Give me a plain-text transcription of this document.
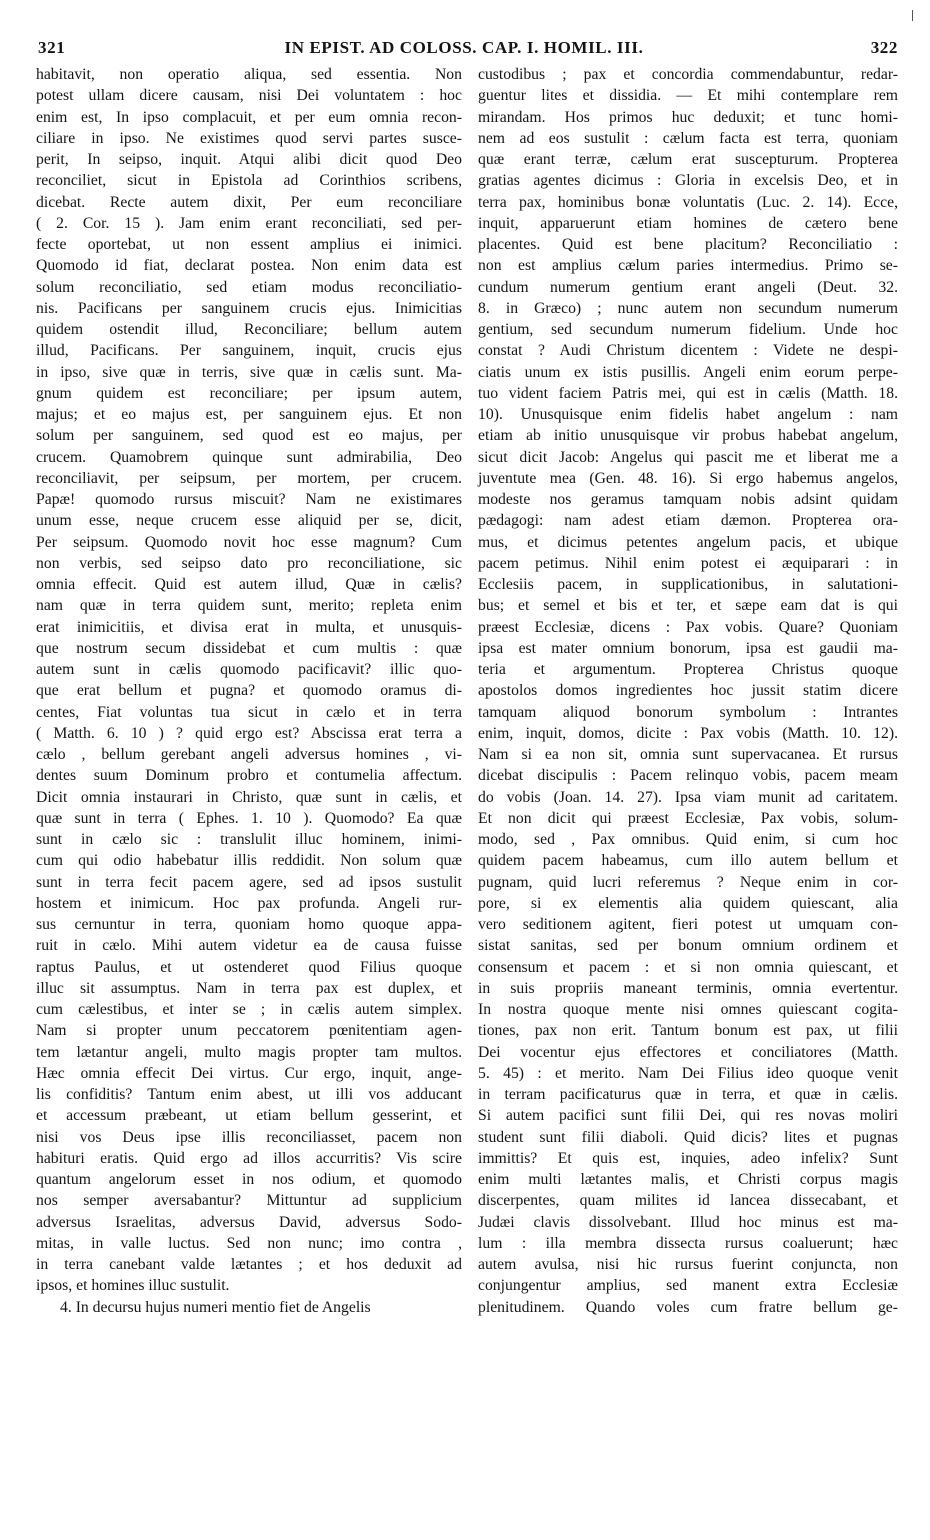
321	IN EPIST. AD COLOSS. CAP. I. HOMIL. III.	322
habitavit, non operatio aliqua, sed essentia. Non
potest ullam dicere causam, nisi Dei voluntatem : hoc
enim est, In ipso complacuit, et per eum omnia recon-
ciliare in ipso. Ne existimes quod servi partes susce-
perit, In seipso, inquit. Atqui alibi dicit quod Deo
reconciliet, sicut in Epistola ad Corinthios scribens,
dicebat. Recte autem dixit, Per eum reconciliare
( 2. Cor. 15 ). Jam enim erant reconciliati, sed per-
fecte oportebat, ut non essent amplius ei inimici.
Quomodo id fiat, declarat postea. Non enim data est
solum reconciliatio, sed etiam modus reconciliatio-
nis. Pacificans per sanguinem crucis ejus. Inimicitias
quidem ostendit illud, Reconciliare; bellum autem
illud, Pacificans. Per sanguinem, inquit, crucis ejus
in ipso, sive quæ in terris, sive quæ in cælis sunt. Ma-
gnum quidem est reconciliare; per ipsum autem,
majus; et eo majus est, per sanguinem ejus. Et non
solum per sanguinem, sed quod est eo majus, per
crucem. Quamobrem quinque sunt admirabilia, Deo
reconciliavit, per seipsum, per mortem, per crucem.
Papæ! quomodo rursus miscuit? Nam ne existimares
unum esse, neque crucem esse aliquid per se, dicit,
Per seipsum. Quomodo novit hoc esse magnum? Cum
non verbis, sed seipso dato pro reconciliatione, sic
omnia effecit. Quid est autem illud, Quæ in cælis?
nam quæ in terra quidem sunt, merito; repleta enim
erat inimicitiis, et divisa erat in multa, et unusquis-
que nostrum secum dissidebat et cum multis : quæ
autem sunt in cælis quomodo pacificavit? illic quo-
que erat bellum et pugna? et quomodo oramus di-
centes, Fiat voluntas tua sicut in cælo et in terra
( Matth. 6. 10 ) ? quid ergo est? Abscissa erat terra a
cælo , bellum gerebant angeli adversus homines , vi-
dentes suum Dominum probro et contumelia affectum.
Dicit omnia instaurari in Christo, quæ sunt in cælis, et
quæ sunt in terra ( Ephes. 1. 10 ). Quomodo? Ea quæ
sunt in cælo sic : translulit illuc hominem, inimi-
cum qui odio habebatur illis reddidit. Non solum quæ
sunt in terra fecit pacem agere, sed ad ipsos sustulit
hostem et inimicum. Hoc pax profunda. Angeli rur-
sus cernuntur in terra, quoniam homo quoque appa-
ruit in cælo. Mihi autem videtur ea de causa fuisse
raptus Paulus, et ut ostenderet quod Filius quoque
illuc sit assumptus. Nam in terra pax est duplex, et
cum cælestibus, et inter se ; in cælis autem simplex.
Nam si propter unum peccatorem pœnitentiam agen-
tem lætantur angeli, multo magis propter tam multos.
Hæc omnia effecit Dei virtus. Cur ergo, inquit, ange-
lis confiditis? Tantum enim abest, ut illi vos adducant
et accessum præbeant, ut etiam bellum gesserint, et
nisi vos Deus ipse illis reconciliasset, pacem non
habituri eratis. Quid ergo ad illos accurritis? Vis scire
quantum angelorum esset in nos odium, et quomodo
nos semper aversabantur? Mittuntur ad supplicium
adversus Israelitas, adversus David, adversus Sodo-
mitas, in valle luctus. Sed non nunc; imo contra ,
in terra canebant valde lætantes ; et hos deduxit ad
ipsos, et homines illuc sustulit.
4. In decursu hujus numeri mentio fiet de Angelis
custodibus ; pax et concordia commendabuntur, redar-
guentur lites et dissidia. — Et mihi contemplare rem
mirandam. Hos primos huc deduxit; et tunc homi-
nem ad eos sustulit : cælum facta est terra, quoniam
quæ erant terræ, cælum erat suscepturum. Propterea
gratias agentes dicimus : Gloria in excelsis Deo, et in
terra pax, hominibus bonæ voluntatis (Luc. 2. 14). Ecce,
inquit, apparuerunt etiam homines de cætero bene
placentes. Quid est bene placitum? Reconciliatio :
non est amplius cælum paries intermedius. Primo se-
cundum numerum gentium erant angeli (Deut. 32.
8. in Græco) ; nunc autem non secundum numerum
gentium, sed secundum numerum fidelium. Unde hoc
constat ? Audi Christum dicentem : Videte ne despi-
ciatis unum ex istis pusillis. Angeli enim eorum perpe-
tuo vident faciem Patris mei, qui est in cælis (Matth. 18.
10). Unusquisque enim fidelis habet angelum : nam
etiam ab initio unusquisque vir probus habebat angelum,
sicut dicit Jacob: Angelus qui pascit me et liberat me a
juventute mea (Gen. 48. 16). Si ergo habemus angelos,
modeste nos geramus tamquam nobis adsint quidam
pædagogi: nam adest etiam dæmon. Propterea ora-
mus, et dicimus petentes angelum pacis, et ubique
pacem petimus. Nihil enim potest ei æquiparari : in
Ecclesiis pacem, in supplicationibus, in salutationi-
bus; et semel et bis et ter, et sæpe eam dat is qui
præest Ecclesiæ, dicens : Pax vobis. Quare? Quoniam
ipsa est mater omnium bonorum, ipsa est gaudii ma-
teria et argumentum. Propterea Christus quoque
apostolos domos ingredientes hoc jussit statim dicere
tamquam aliquod bonorum symbolum : Intrantes
enim, inquit, domos, dicite : Pax vobis (Matth. 10. 12).
Nam si ea non sit, omnia sunt supervacanea. Et rursus
dicebat discipulis : Pacem relinquo vobis, pacem meam
do vobis (Joan. 14. 27). Ipsa viam munit ad caritatem.
Et non dicit qui præest Ecclesiæ, Pax vobis, solum-
modo, sed , Pax omnibus. Quid enim, si cum hoc
quidem pacem habeamus, cum illo autem bellum et
pugnam, quid lucri referemus ? Neque enim in cor-
pore, si ex elementis alia quidem quiescant, alia
vero seditionem agitent, fieri potest ut umquam con-
sistat sanitas, sed per bonum omnium ordinem et
consensum et pacem : et si non omnia quiescant, et
in suis propriis maneant terminis, omnia evertentur.
In nostra quoque mente nisi omnes quiescant cogita-
tiones, pax non erit. Tantum bonum est pax, ut filii
Dei vocentur ejus effectores et conciliatores (Matth.
5. 45) : et merito. Nam Dei Filius ideo quoque venit
in terram pacificaturus quæ in terra, et quæ in cælis.
Si autem pacifici sunt filii Dei, qui res novas moliri
student sunt filii diaboli. Quid dicis? lites et pugnas
immittis? Et quis est, inquies, adeo infelix? Sunt
enim multi lætantes malis, et Christi corpus magis
discerpentes, quam milites id lancea dissecabant, et
Judæi clavis dissolvebant. Illud hoc minus est ma-
lum : illa membra dissecta rursus coaluerunt; hæc
autem avulsa, nisi hic rursus fuerint conjuncta, non
conjungentur amplius, sed manent extra Ecclesiæ
plenitudinem. Quando voles cum fratre bellum ge-
